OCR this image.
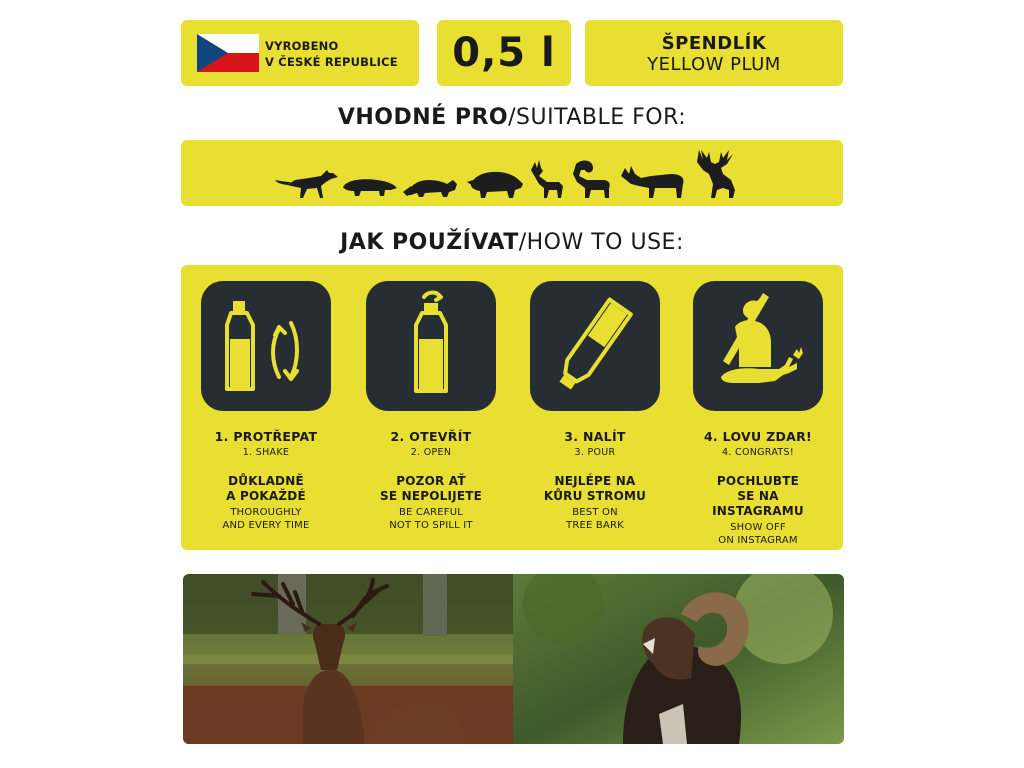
VYROBENO
V ČESKÉ REPUBLICE 0,5 l	ŠPENDLÍK
YELLOW PLUM
VHODNÉ PRO/SUITABLE FOR:
JAK POUŽÍVAT/HOW TO USE:
1. PROTŘEPAT
1. SHAKE
DŮKLADNĚ
A POKAŽDÉ
THOROUGHLY
AND EVERY TIME
2. OTEVŘÍT
2. OPEN
POZOR AŤ
SE NEPOLIJETE
BE CAREFUL
NOT TO SPILL IT
3. NALÍT
3. POUR
NEJLÉPE NA
KŮRU STROMU
BEST ON
TREE BARK
4. LOVU ZDAR!
4. CONGRATS!
POCHLUBTE
SE NA INSTAGRAMU
SHOW OFF
ON INSTAGRAM
